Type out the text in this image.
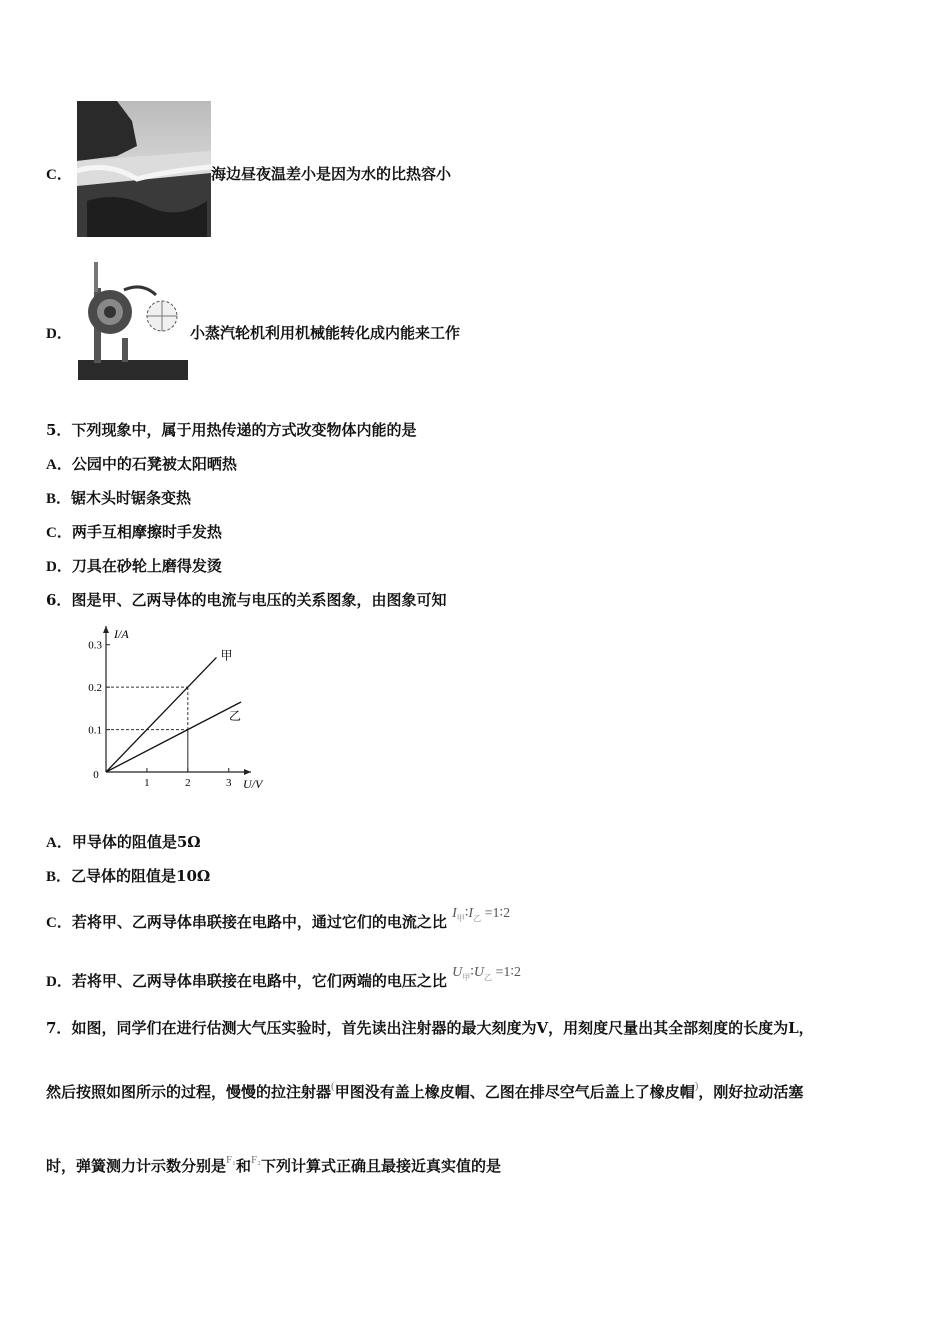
C．	海边昼夜温差小是因为水的比热容小
D．	小蒸汽轮机利用机械能转化成内能来工作
5．下列现象中，属于用热传递的方式改变物体内能的是
A．公园中的石凳被太阳晒热
B．锯木头时锯条变热
C．两手互相摩擦时手发热
D．刀具在砂轮上磨得发烫
6．图是甲、乙两导体的电流与电压的关系图象，由图象可知
1	2	3
0.1
0.2
0.3
0
I/A
U/V
甲
乙
A．甲导体的阻值是5Ω
B．乙导体的阻值是10Ω
C．若将甲、乙两导体串联接在电路中，通过它们的电流之比 $I_甲∶I_乙$ =1∶2
D．若将甲、乙两导体串联接在电路中，它们两端的电压之比 $U_甲∶U_乙$ =1∶2
7．如图，同学们在进行估测大气压实验时，首先读出注射器的最大刻度为V，用刻度尺量出其全部刻度的长度为L，
然后按照如图所示的过程，慢慢的拉注射器(甲图没有盖上橡皮帽、乙图在排尽空气后盖上了橡皮帽)，刚好拉动活塞
时，弹簧测力计示数分别是$^{F_1}$和$^{F_2}$下列计算式正确且最接近真实值的是
